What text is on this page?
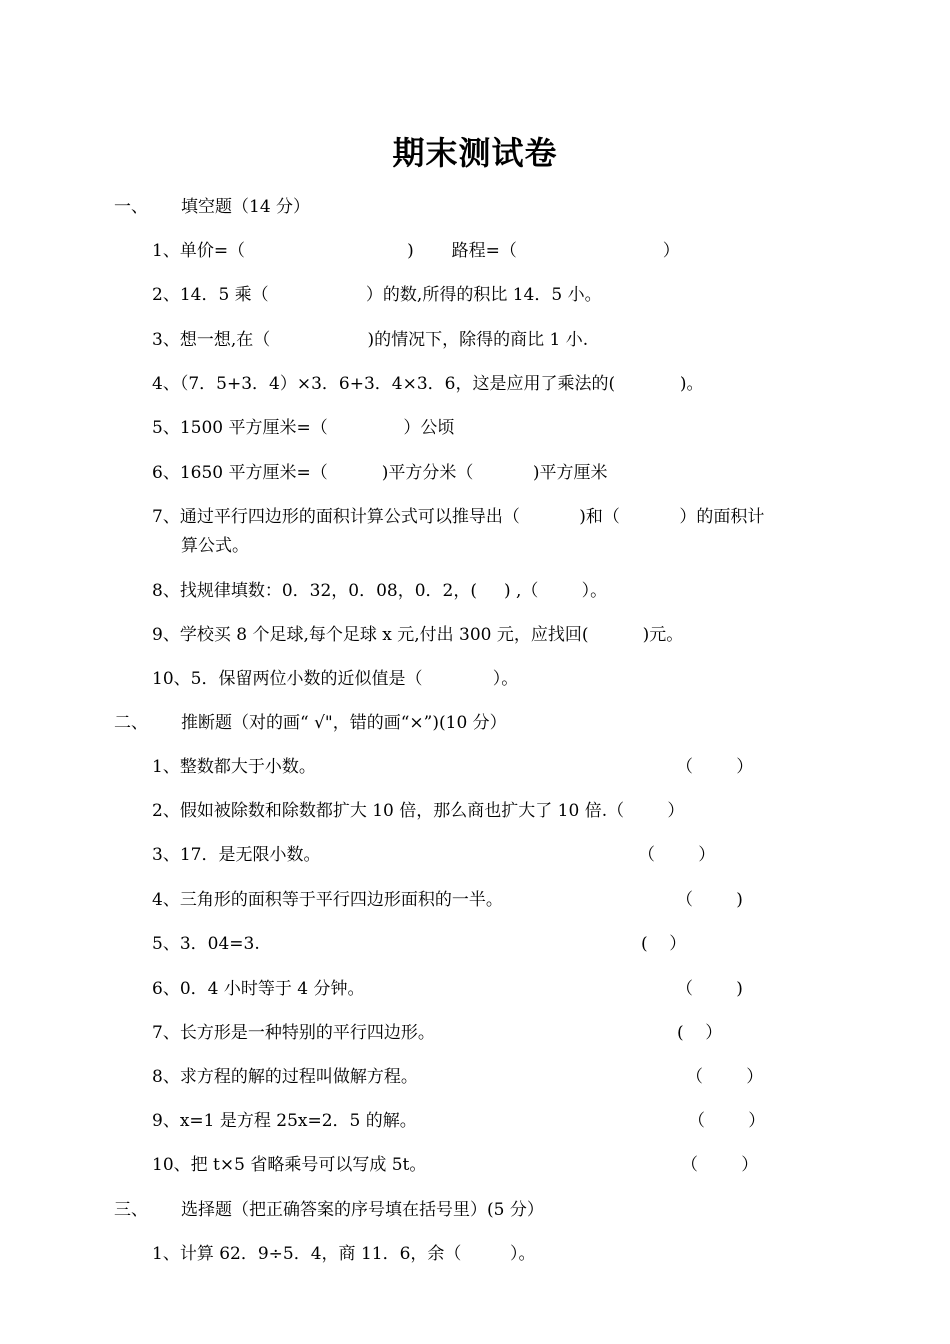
期末测试卷
一、 填空题（14 分）
1、单价=（                              )       路程=（                           ）
2、14．5 乘（                  ）的数,所得的积比 14．5 小。
3、想一想,在（                  )的情况下，除得的商比 1 小.
4、（7．5+3．4）×3．6+3．4×3．6，这是应用了乘法的(            )。
5、1500 平方厘米=（              ）公顷
6、1650 平方厘米=（          )平方分米（           )平方厘米
7、通过平行四边形的面积计算公式可以推导出（           )和（           ）的面积计
算公式。
8、找规律填数：0．32，0．08，0．2，(     ) ,（        ）。
9、学校买 8 个足球,每个足球 x 元,付出 300 元，应找回(          )元。
10、5．保留两位小数的近似值是（             ）。
二、 推断题（对的画“ √"，错的画“×”)(10 分）
1、整数都大于小数。	（        ）
2、假如被除数和除数都扩大 10 倍，那么商也扩大了 10 倍.（        ）
3、17．是无限小数。	（        ）
4、三角形的面积等于平行四边形面积的一半。	（        )
5、3．04=3.	(    ）
6、0．4 小时等于 4 分钟。	（        )
7、长方形是一种特别的平行四边形。	(    ）
8、求方程的解的过程叫做解方程。	（        ）
9、x=1 是方程 25x=2．5 的解。	（        ）
10、把 t×5 省略乘号可以写成 5t。	（        ）
三、 选择题（把正确答案的序号填在括号里）(5 分）
1、计算 62．9÷5．4，商 11．6，余（         ）。
